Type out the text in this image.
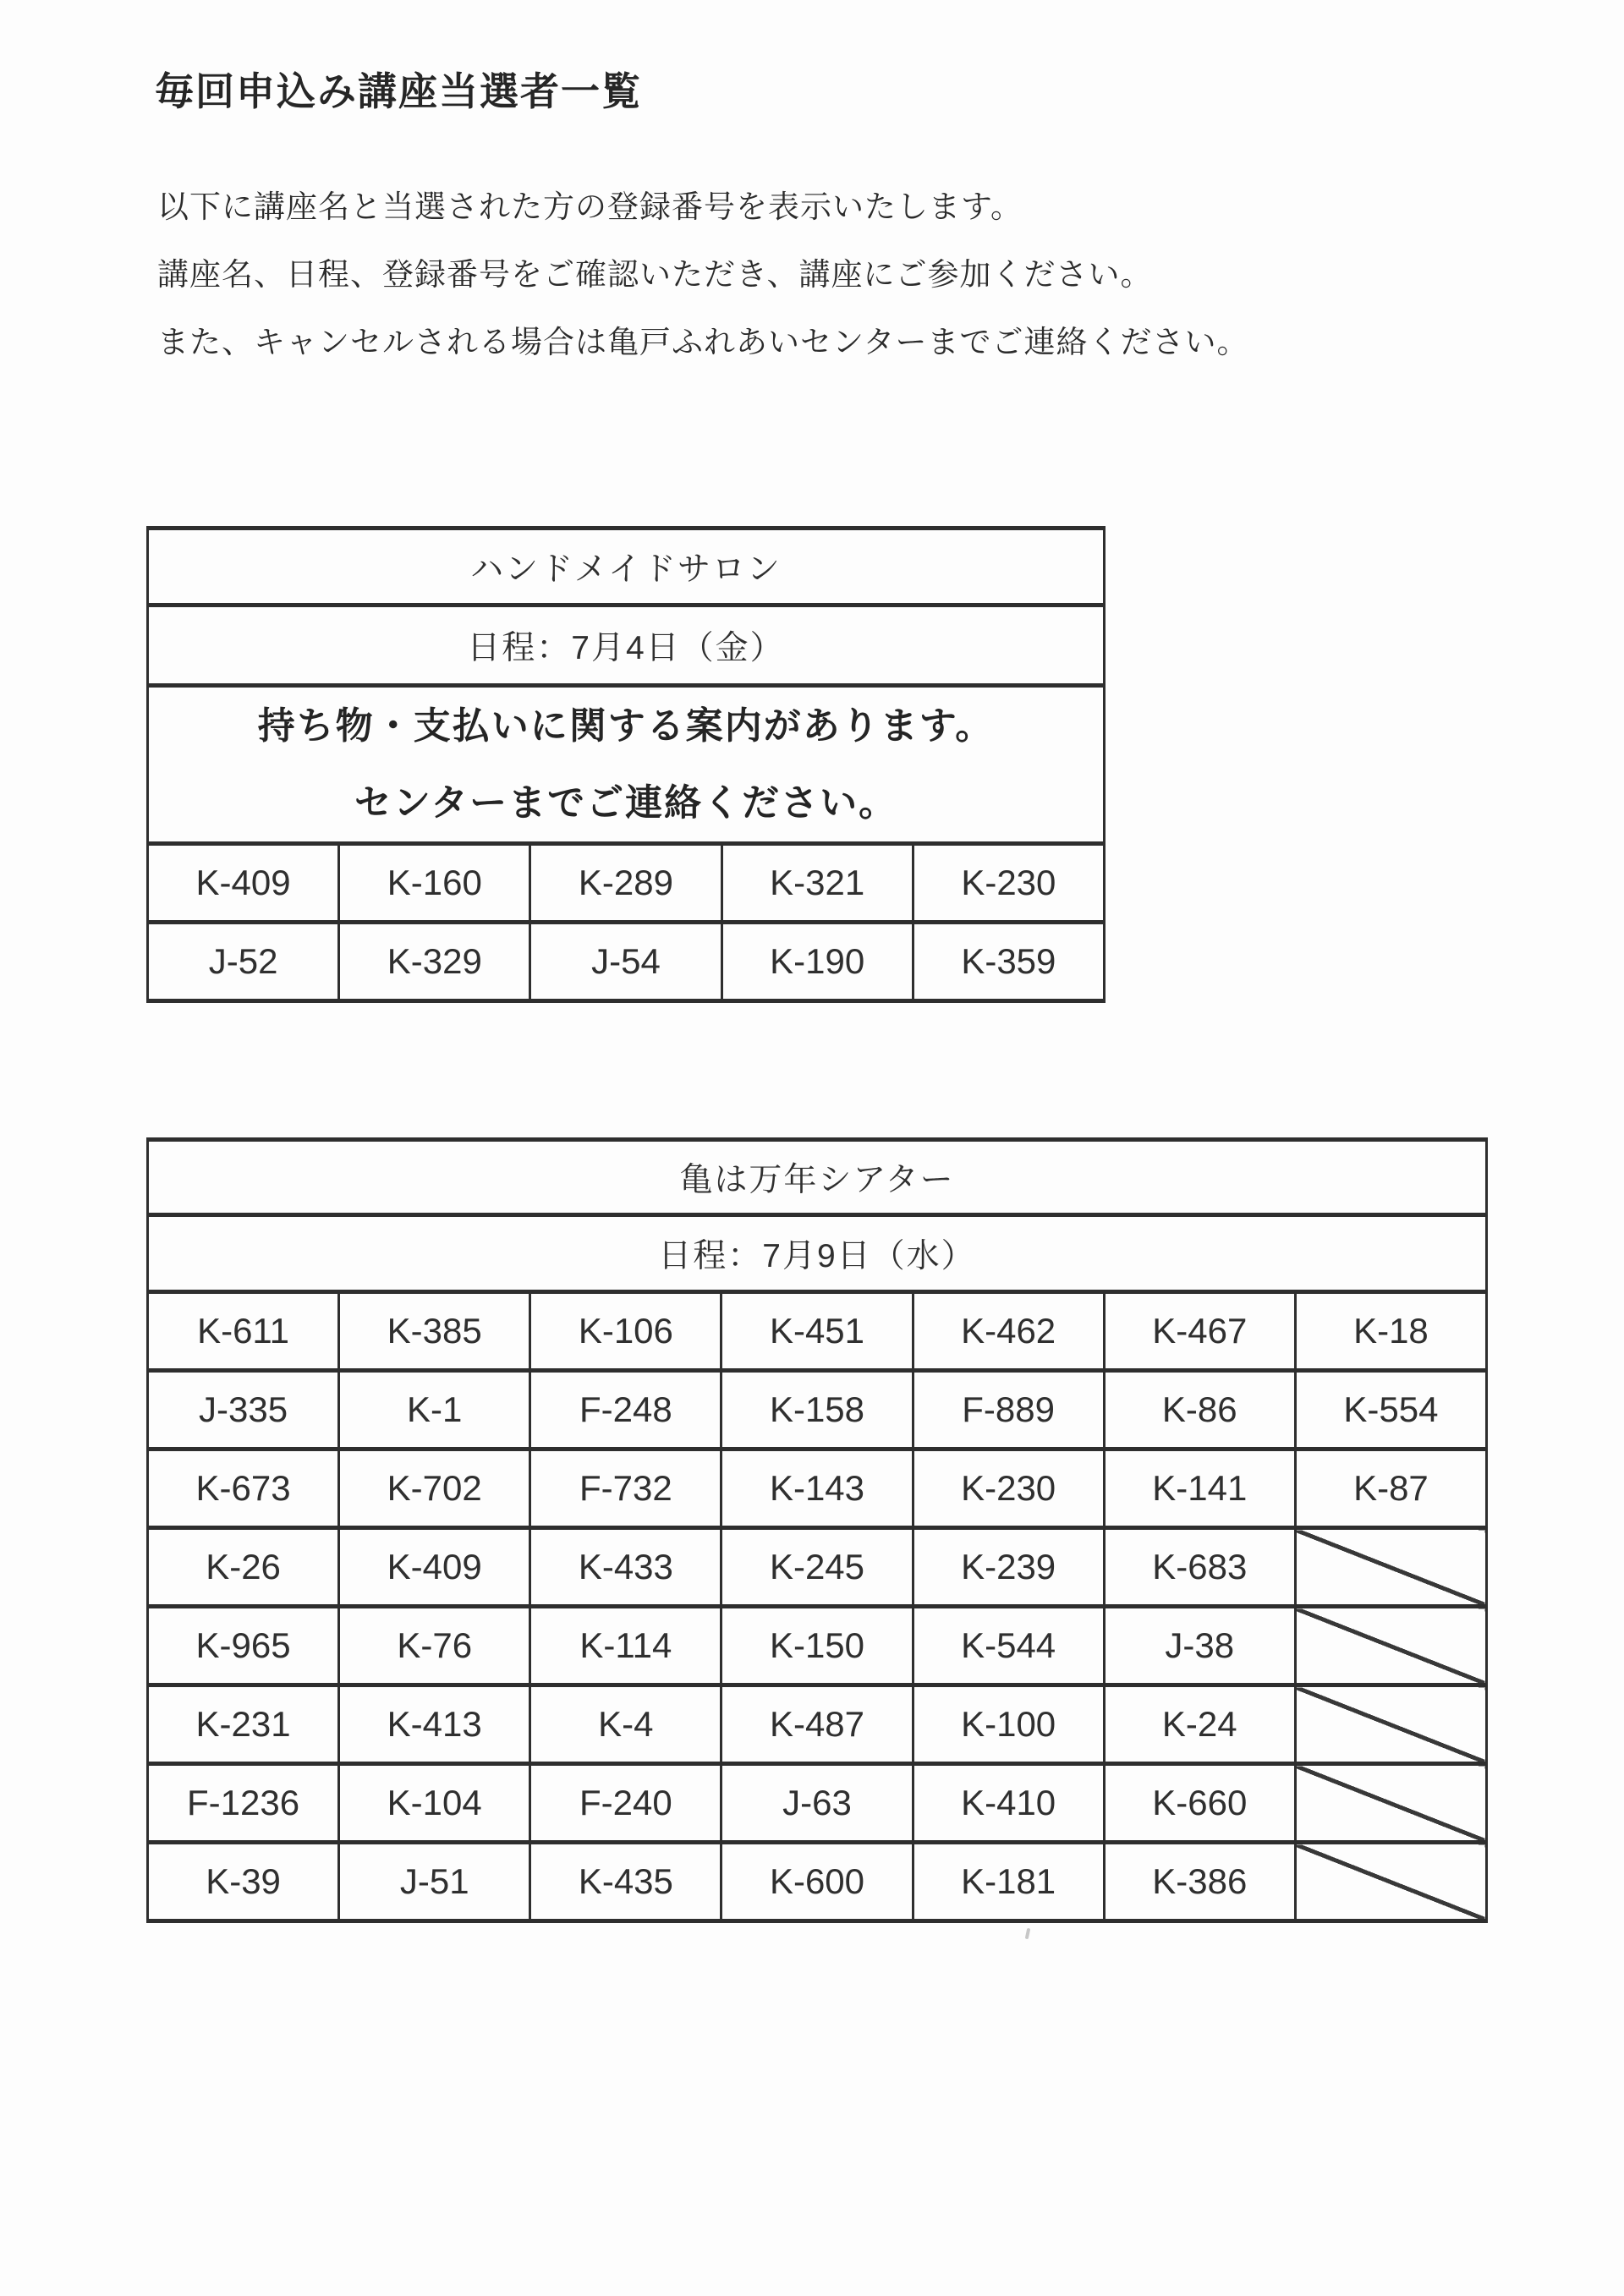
毎回申込み講座当選者一覧

以下に講座名と当選された方の登録番号を表示いたします。

講座名、日程、登録番号をご確認いただき、講座にご参加ください。

また、キャンセルされる場合は亀戸ふれあいセンターまでご連絡ください。

ハンドメイドサロン				
日程：7月4日（金）				

持ち物・支払いに関する案内があります。
センターまでご連絡ください。				

K-409	K-160	K-289	K-321	K-230
J-52	K-329	J-54	K-190	K-359
亀は万年シアター						
日程：7月9日（水）						
K-611	K-385	K-106	K-451	K-462	K-467	K-18
J-335	K-1	F-248	K-158	F-889	K-86	K-554
K-673	K-702	F-732	K-143	K-230	K-141	K-87
K-26	K-409	K-433	K-245	K-239	K-683	
K-965	K-76	K-114	K-150	K-544	J-38	
K-231	K-413	K-4	K-487	K-100	K-24	
F-1236	K-104	F-240	J-63	K-410	K-660	
K-39	J-51	K-435	K-600	K-181	K-386	
